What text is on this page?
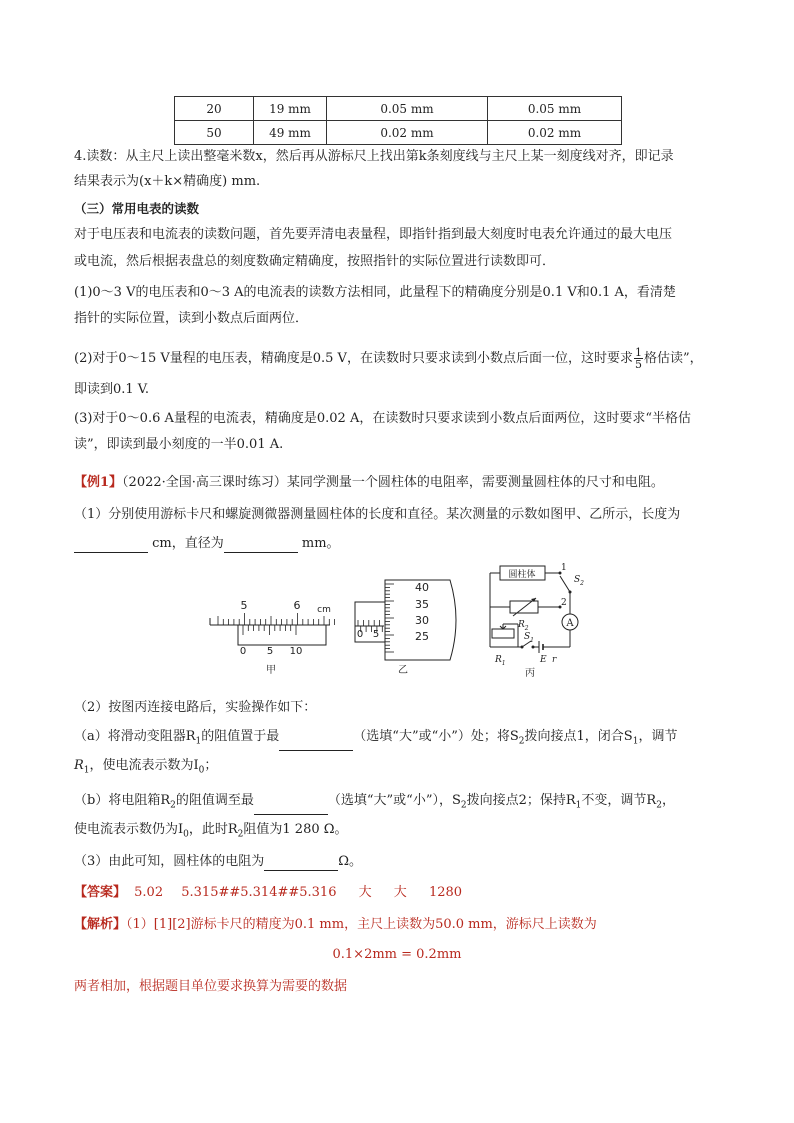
20	19 mm	0.05 mm	0.05 mm
50	49 mm	0.02 mm	0.02 mm
4.读数：从主尺上读出整毫米数x，然后再从游标尺上找出第k条刻度线与主尺上某一刻度线对齐，即记录
结果表示为(x＋k×精确度) mm.
（三）常用电表的读数
对于电压表和电流表的读数问题，首先要弄清电表量程，即指针指到最大刻度时电表允许通过的最大电压
或电流，然后根据表盘总的刻度数确定精确度，按照指针的实际位置进行读数即可．
(1)0～3 V的电压表和0～3 A的电流表的读数方法相同，此量程下的精确度分别是0.1 V和0.1 A，看清楚
指针的实际位置，读到小数点后面两位．
(2)对于0～15 V量程的电压表，精确度是0.5 V，在读数时只要求读到小数点后面一位，这时要求 $\frac{1}{5}$ 格估读”，
即读到0.1 V.
(3)对于0～0.6 A量程的电流表，精确度是0.02 A，在读数时只要求读到小数点后面两位，这时要求“半格估
读”，即读到最小刻度的一半0.01 A.
【例1】（2022·全国·高三课时练习）某同学测量一个圆柱体的电阻率，需要测量圆柱体的尺寸和电阻。
（1）分别使用游标卡尺和螺旋测微器测量圆柱体的长度和直径。某次测量的示数如图甲、乙所示，长度为
cm，直径为	mm。
5	6 cm
0 5 10
甲
0 5
40
35
30
25
乙
圆柱体
1
2
$S_2$
$R_2$	A
$R_1$
$S_1$
E r
丙
（2）按图丙连接电路后，实验操作如下：
（a）将滑动变阻器$R_1$的阻值置于最	（选填“大”或“小”）处；将$S_2$拨向接点1，闭合$S_1$，调节
$R_1$，使电流表示数为$I_0$；
（b）将电阻箱$R_2$的阻值调至最	（选填“大”或“小”），$S_2$拨向接点2；保持$R_1$不变，调节$R_2$，
使电流表示数仍为$I_0$，此时$R_2$阻值为1 280 Ω。
（3）由此可知，圆柱体的电阻为	Ω。
【答案】 5.02 5.315##5.314##5.316 大 大 1280
【解析】（1）[1][2]游标卡尺的精度为0.1 mm，主尺上读数为50.0 mm，游标尺上读数为
0.1×2mm = 0.2mm
两者相加，根据题目单位要求换算为需要的数据
